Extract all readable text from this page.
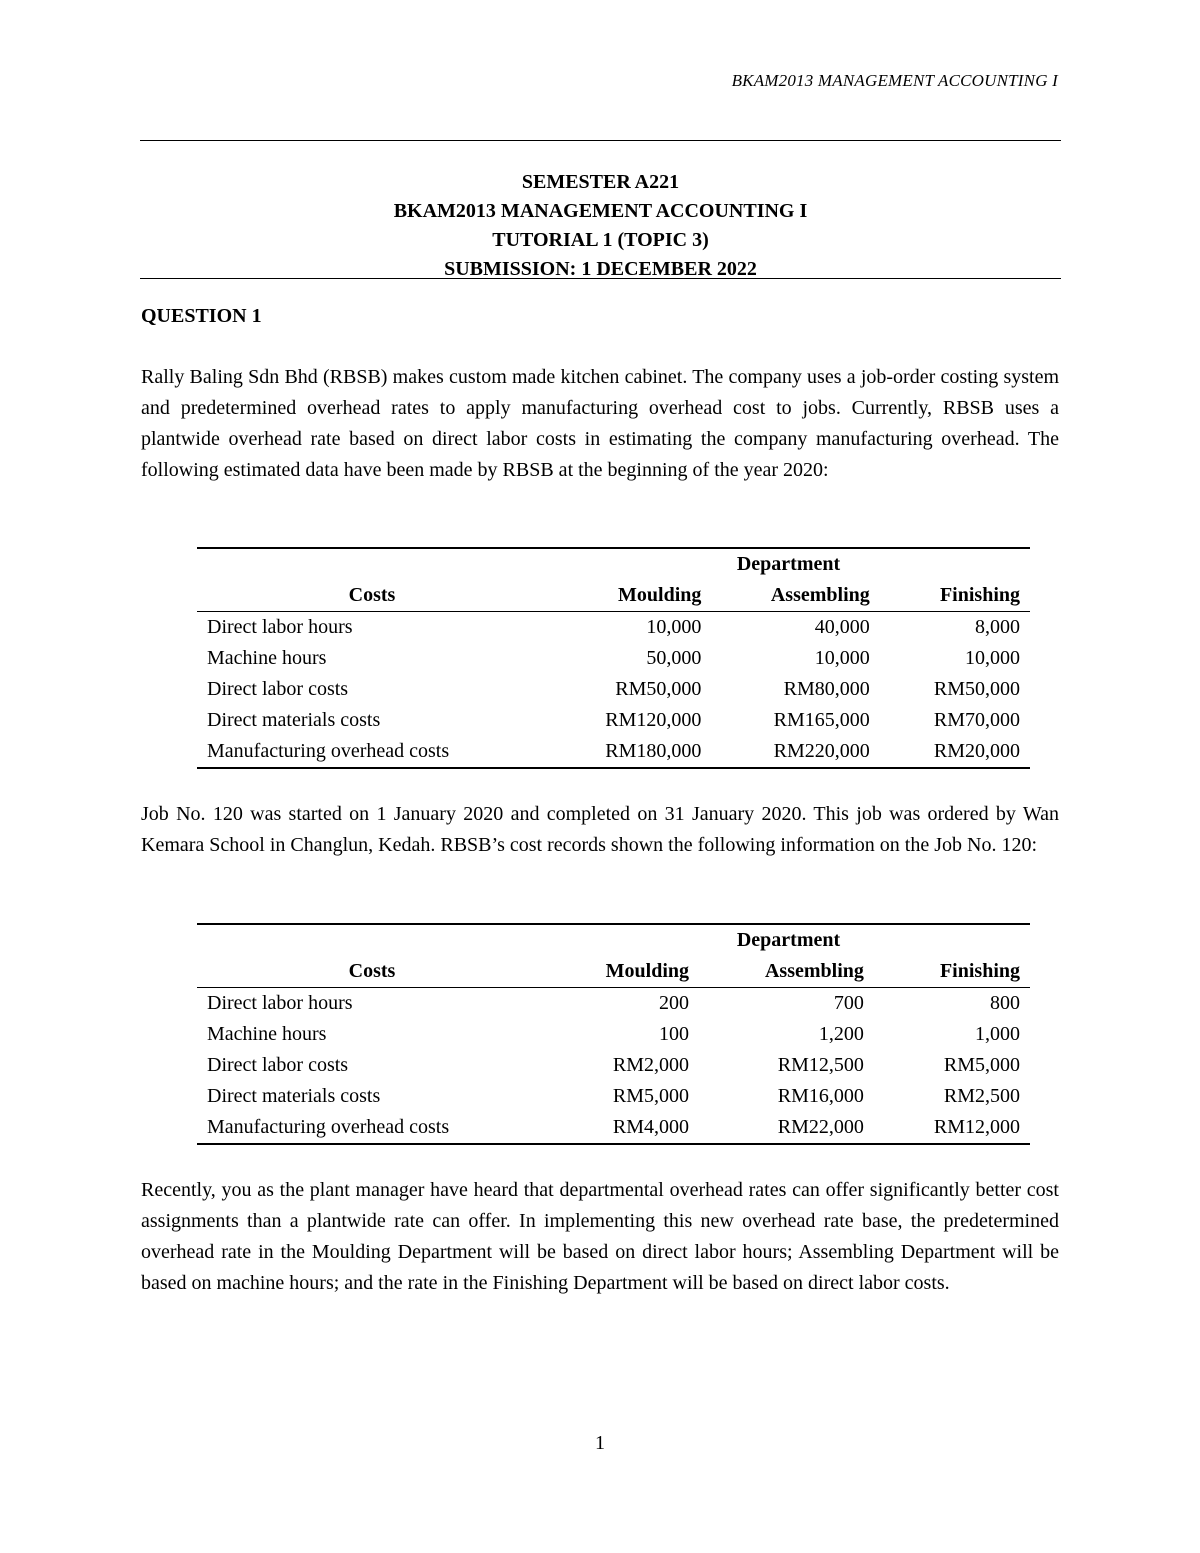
BKAM2013 MANAGEMENT ACCOUNTING I
SEMESTER A221
BKAM2013 MANAGEMENT ACCOUNTING I
TUTORIAL 1 (TOPIC 3)
SUBMISSION: 1 DECEMBER 2022
QUESTION 1
Rally Baling Sdn Bhd (RBSB) makes custom made kitchen cabinet. The company uses a job-order costing system and predetermined overhead rates to apply manufacturing overhead cost to jobs. Currently, RBSB uses a plantwide overhead rate based on direct labor costs in estimating the company manufacturing overhead. The following estimated data have been made by RBSB at the beginning of the year 2020:
	Department		
Costs	Moulding	Assembling	Finishing
Direct labor hours	10,000	40,000	8,000
Machine hours	50,000	10,000	10,000
Direct labor costs	RM50,000	RM80,000	RM50,000
Direct materials costs	RM120,000	RM165,000	RM70,000
Manufacturing overhead costs	RM180,000	RM220,000	RM20,000
Job No. 120 was started on 1 January 2020 and completed on 31 January 2020. This job was ordered by Wan Kemara School in Changlun, Kedah. RBSB’s cost records shown the following information on the Job No. 120:
	Department		
Costs	Moulding	Assembling	Finishing
Direct labor hours	200	700	800
Machine hours	100	1,200	1,000
Direct labor costs	RM2,000	RM12,500	RM5,000
Direct materials costs	RM5,000	RM16,000	RM2,500
Manufacturing overhead costs	RM4,000	RM22,000	RM12,000
Recently, you as the plant manager have heard that departmental overhead rates can offer significantly better cost assignments than a plantwide rate can offer. In implementing this new overhead rate base, the predetermined overhead rate in the Moulding Department will be based on direct labor hours; Assembling Department will be based on machine hours; and the rate in the Finishing Department will be based on direct labor costs.
1
